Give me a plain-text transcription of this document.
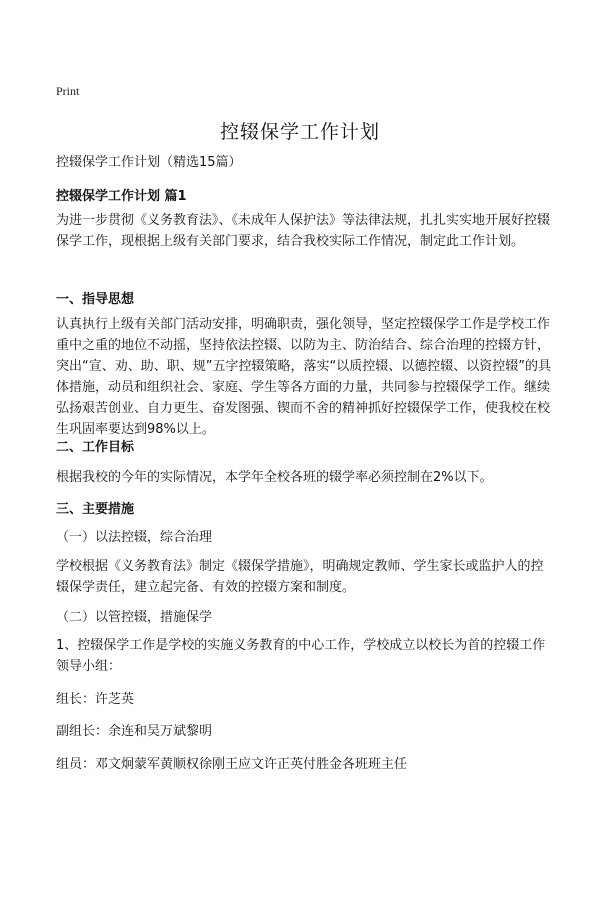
Print
控辍保学工作计划
控辍保学工作计划（精选15篇）
控辍保学工作计划 篇1
为进一步贯彻《义务教育法》、《未成年人保护法》等法律法规，扎扎实实地开展好控辍保学工作，现根据上级有关部门要求，结合我校实际工作情况，制定此工作计划。
一、指导思想
认真执行上级有关部门活动安排，明确职责，强化领导，坚定控辍保学工作是学校工作重中之重的地位不动摇，坚持依法控辍、以防为主、防治结合、综合治理的控辍方针，突出“宣、劝、助、职、规”五字控辍策略，落实“以质控辍、以德控辍、以资控辍”的具体措施，动员和组织社会、家庭、学生等各方面的力量，共同参与控辍保学工作。继续弘扬艰苦创业、自力更生、奋发图强、锲而不舍的精神抓好控辍保学工作，使我校在校生巩固率要达到98%以上。
二、工作目标
根据我校的今年的实际情况，本学年全校各班的辍学率必须控制在2%以下。
三、主要措施
（一）以法控辍，综合治理
学校根据《义务教育法》制定《辍保学措施》，明确规定教师、学生家长或监护人的控辍保学责任，建立起完备、有效的控辍方案和制度。
（二）以管控辍，措施保学
1、控辍保学工作是学校的实施义务教育的中心工作，学校成立以校长为首的控辍工作领导小组：
组长：许芝英
副组长：余连和吴万斌黎明
组员：邓文炯蒙军黄顺权徐刚王应文许正英付胜金各班班主任
